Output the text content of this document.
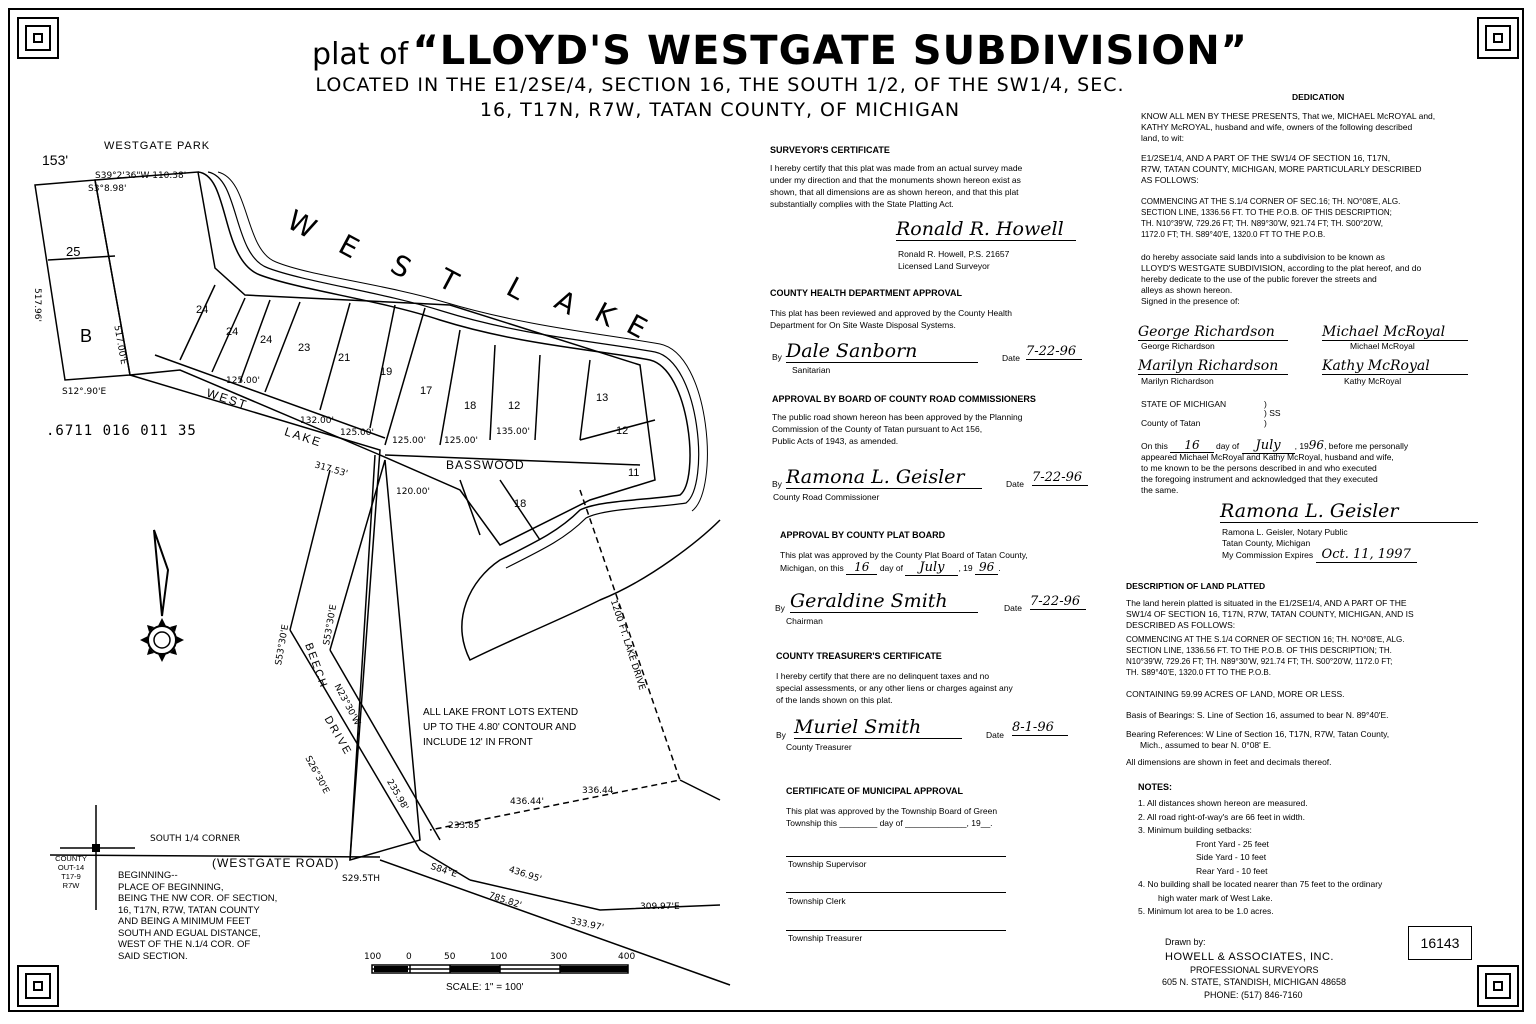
plat of “LLOYD'S WESTGATE SUBDIVISION”
LOCATED IN THE E1/2SE/4, SECTION 16, THE SOUTH 1/2, OF THE SW1/4, SEC.
16, T17N, R7W, TATAN COUNTY, OF MICHIGAN
WESTGATE PARK
153'
S39°2'36"W 110.38'
S3°8.98'
W
E
S T L A K E
25
B
517.96'
517.00'E
S12°.90'E
.6711 016 011 35
24
24
24
23
21
19
17
18	12
13
12
11
18
125.00'
132.00'
125.00'
125.00' 125.00'
135.00'
120.00'
WEST
LAKE
BASSWOOD
317.53'
BEECH
DRIVE
S53°30'E	S53°30'E
N23°30'W
S26°30'E
ALL LAKE FRONT LOTS EXTEND
UP TO THE 4.80' CONTOUR AND
INCLUDE 12' IN FRONT
1200 FT. LAKE DRIVE
436.44'
336.44
233.85
235.98'
436.95'
785.82'
333.97'
309.97'E
S84°E
S29.5TH
SOUTH 1/4 CORNER
(WESTGATE ROAD)
COUNTY
OUT-14
T17-9
R7W
BEGINNING--
PLACE OF BEGINNING,
BEING THE NW COR. OF SECTION,
16, T17N, R7W, TATAN COUNTY
AND BEING A MINIMUM FEET
SOUTH AND EGUAL DISTANCE,
WEST OF THE N.1/4 COR. OF
SAID SECTION.	100	0	50	100	300	400
SCALE: 1" = 100'
SURVEYOR'S CERTIFICATE
I hereby certify that this plat was made from an actual survey made
under my direction and that the monuments shown hereon exist as
shown, that all dimensions are as shown hereon, and that this plat
substantially complies with the State Platting Act.
Ronald R. Howell
Ronald R. Howell, P.S. 21657
Licensed Land Surveyor
COUNTY HEALTH DEPARTMENT APPROVAL
This plat has been reviewed and approved by the County Health
Department for On Site Waste Disposal Systems.
By Dale Sanborn
Sanitarian
Date 7-22-96
APPROVAL BY BOARD OF COUNTY ROAD COMMISSIONERS
The public road shown hereon has been approved by the Planning
Commission of the County of Tatan pursuant to Act 156,
Public Acts of 1943, as amended.
By Ramona L. Geisler
County Road Commissioner
Date 7-22-96
APPROVAL BY COUNTY PLAT BOARD
This plat was approved by the County Plat Board of Tatan County,
Michigan, on this 16 day of July , 19 96 .
By Geraldine Smith
Chairman
Date 7-22-96
COUNTY TREASURER'S CERTIFICATE
I hereby certify that there are no delinquent taxes and no
special assessments, or any other liens or charges against any
of the lands shown on this plat.
By Muriel Smith
County Treasurer
Date 8-1-96
CERTIFICATE OF MUNICIPAL APPROVAL
This plat was approved by the Township Board of Green
Township this ________ day of _____________, 19__.
Township Supervisor
Township Clerk
Township Treasurer
DEDICATION
KNOW ALL MEN BY THESE PRESENTS, That we, MICHAEL McROYAL and,
KATHY McROYAL, husband and wife, owners of the following described
land, to wit:
E1/2SE1/4, AND A PART OF THE SW1/4 OF SECTION 16, T17N,
R7W, TATAN COUNTY, MICHIGAN, MORE PARTICULARLY DESCRIBED
AS FOLLOWS:
COMMENCING AT THE S.1/4 CORNER OF SEC.16; TH. NO°08'E, ALG.
SECTION LINE, 1336.56 FT. TO THE P.O.B. OF THIS DESCRIPTION;
TH. N10°39'W, 729.26 FT; TH. N89°30'W, 921.74 FT; TH. S00°20'W,
1172.0 FT; TH. S89°40'E, 1320.0 FT TO THE P.O.B.
do hereby associate said lands into a subdivision to be known as
LLOYD'S WESTGATE SUBDIVISION, according to the plat hereof, and do
hereby dedicate to the use of the public forever the streets and
alleys as shown hereon.
Signed in the presence of:
George Richardson
George Richardson
Michael McRoyal
Michael McRoyal
Marilyn Richardson
Marilyn Richardson
Kathy McRoyal
Kathy McRoyal
STATE OF MICHIGAN	)
) SS
County of Tatan	)
On this 16 day of July , 1996, before me personally
appeared Michael McRoyal and Kathy McRoyal, husband and wife,
to me known to be the persons described in and who executed
the foregoing instrument and acknowledged that they executed
the same.
Ramona L. Geisler
Ramona L. Geisler, Notary Public
Tatan County, Michigan
My Commission Expires Oct. 11, 1997
DESCRIPTION OF LAND PLATTED
The land herein platted is situated in the E1/2SE1/4, AND A PART OF THE
SW1/4 OF SECTION 16, T17N, R7W, TATAN COUNTY, MICHIGAN, AND IS
DESCRIBED AS FOLLOWS:
COMMENCING AT THE S.1/4 CORNER OF SECTION 16; TH. NO°08'E, ALG.
SECTION LINE, 1336.56 FT. TO THE P.O.B. OF THIS DESCRIPTION; TH.
N10°39'W, 729.26 FT; TH. N89°30'W, 921.74 FT; TH. S00°20'W, 1172.0 FT;
TH. S89°40'E, 1320.0 FT TO THE P.O.B.
CONTAINING 59.99 ACRES OF LAND, MORE OR LESS.
Basis of Bearings: S. Line of Section 16, assumed to bear N. 89°40'E.
Bearing References: W Line of Section 16, T17N, R7W, Tatan County,
Mich., assumed to bear N. 0°08' E.
All dimensions are shown in feet and decimals thereof.
NOTES:
1. All distances shown hereon are measured.
2. All road right-of-way's are 66 feet in width.
3. Minimum building setbacks:
Front Yard - 25 feet
Side Yard - 10 feet
Rear Yard - 10 feet
4. No building shall be located nearer than 75 feet to the ordinary
high water mark of West Lake.
5. Minimum lot area to be 1.0 acres.
Drawn by:
HOWELL & ASSOCIATES, INC.
PROFESSIONAL SURVEYORS
605 N. STATE, STANDISH, MICHIGAN 48658
PHONE: (517) 846-7160
16143
